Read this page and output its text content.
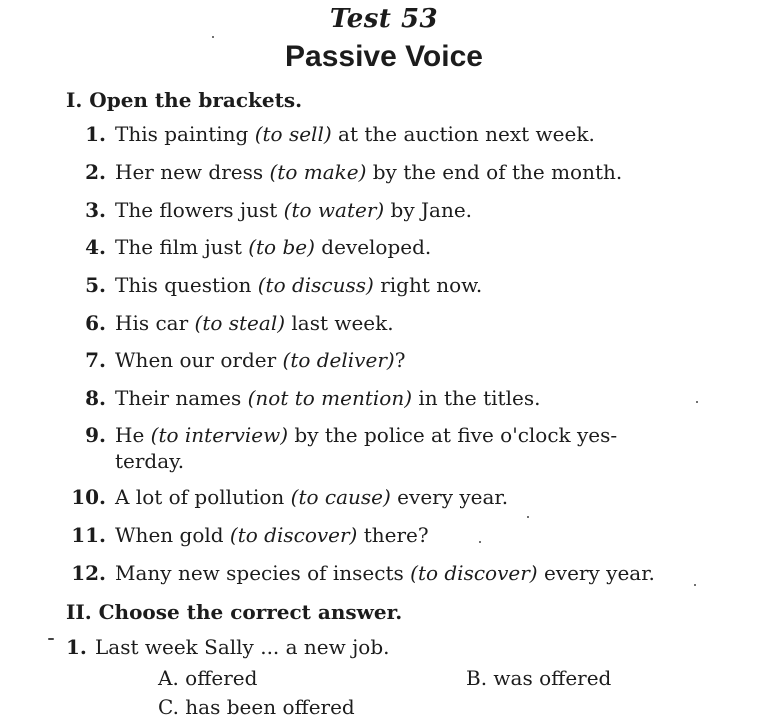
Test 53
Passive Voice
I. Open the brackets.
1. This painting (to sell) at the auction next week.
2. Her new dress (to make) by the end of the month.
3. The flowers just (to water) by Jane.
4. The film just (to be) developed.
5. This question (to discuss) right now.
6. His car (to steal) last week.
7. When our order (to deliver)?
8. Their names (not to mention) in the titles.
9. He (to interview) by the police at five o'clock yes-
terday.
10. A lot of pollution (to cause) every year.
11. When gold (to discover) there?
12. Many new species of insects (to discover) every year.
II. Choose the correct answer.
1. Last week Sally ... a new job.
A. offered	B. was offered
C. has been offered
